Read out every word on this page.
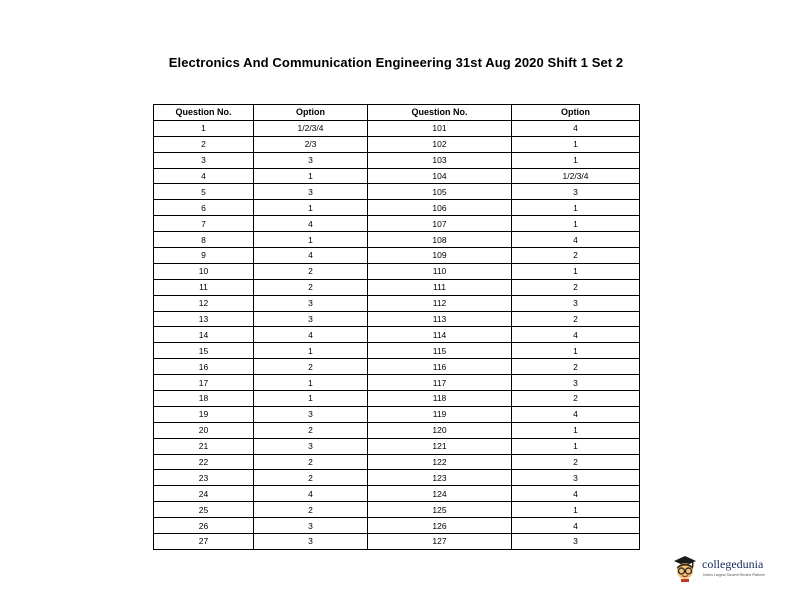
Electronics And Communication Engineering 31st Aug 2020 Shift 1 Set 2
Question No.	Option	Question No.	Option
1	1/2/3/4	101	4
2	2/3	102	1
3	3	103	1
4	1	104	1/2/3/4
5	3	105	3
6	1	106	1
7	4	107	1
8	1	108	4
9	4	109	2
10	2	110	1
11	2	111	2
12	3	112	3
13	3	113	2
14	4	114	4
15	1	115	1
16	2	116	2
17	1	117	3
18	1	118	2
19	3	119	4
20	2	120	1
21	3	121	1
22	2	122	2
23	2	123	3
24	4	124	4
25	2	125	1
26	3	126	4
27	3	127	3
collegedunia
India's Largest Student Review Platform
